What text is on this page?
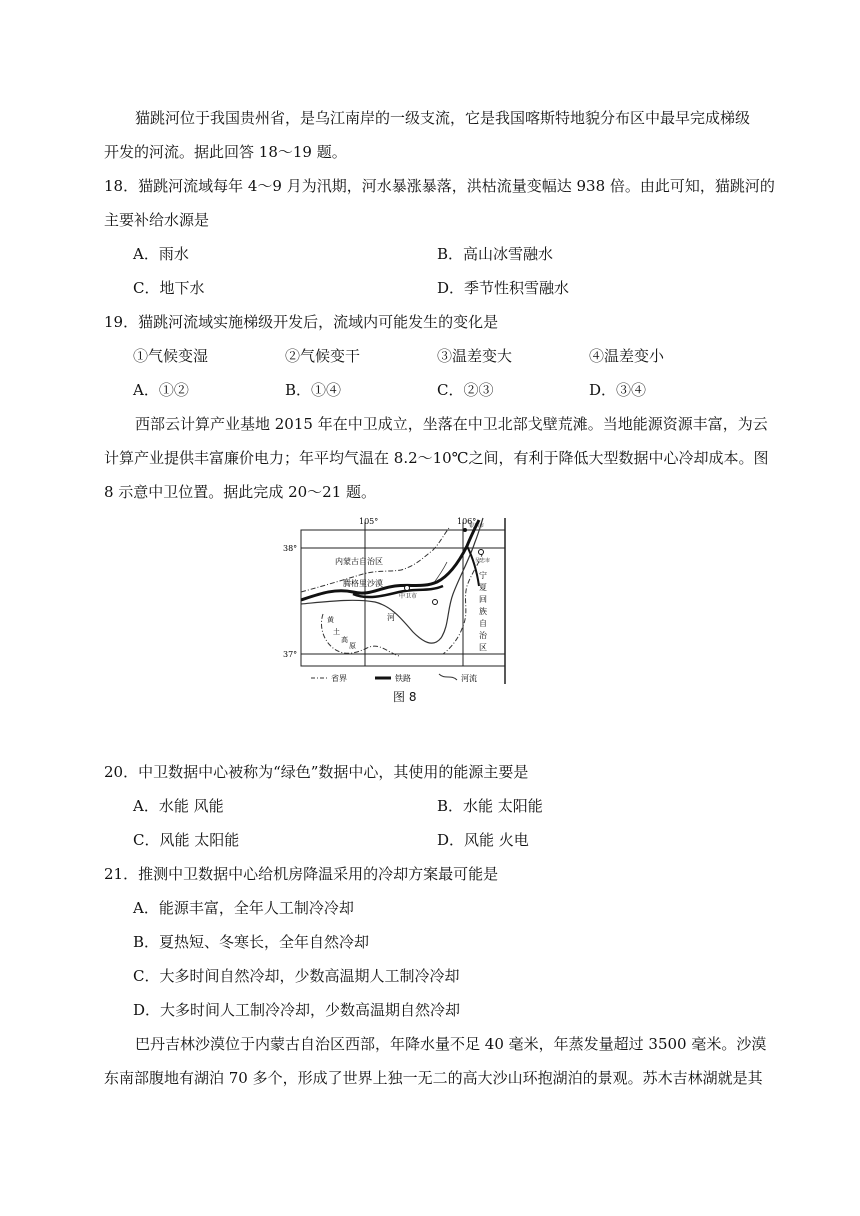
猫跳河位于我国贵州省，是乌江南岸的一级支流，它是我国喀斯特地貌分布区中最早完成梯级
开发的河流。据此回答 18～19 题。
18．猫跳河流域每年 4～9 月为汛期，河水暴涨暴落，洪枯流量变幅达 938 倍。由此可知，猫跳河的
主要补给水源是
A．雨水	B．高山冰雪融水
C．地下水	D．季节性积雪融水
19．猫跳河流域实施梯级开发后，流域内可能发生的变化是
①气候变湿	②气候变干	③温差变大	④温差变小
A．①②	B．①④	C．②③	D．③④
西部云计算产业基地 2015 年在中卫成立，坐落在中卫北部戈壁荒滩。当地能源资源丰富，为云
计算产业提供丰富廉价电力；年平均气温在 8.2～10℃之间，有利于降低大型数据中心冷却成本。图
8 示意中卫位置。据此完成 20～21 题。
105°	106°
38°
37°
内蒙古自治区
腾格里沙漠
中卫市
河
银川市
吴忠市
宁
夏
回
族
自
治
区
黄
土
高
原
省界	铁路	河流
图 8
20．中卫数据中心被称为“绿色”数据中心，其使用的能源主要是
A．水能 风能	B．水能 太阳能
C．风能 太阳能	D．风能 火电
21．推测中卫数据中心给机房降温采用的冷却方案最可能是
A．能源丰富，全年人工制冷冷却
B．夏热短、冬寒长，全年自然冷却
C．大多时间自然冷却，少数高温期人工制冷冷却
D．大多时间人工制冷冷却，少数高温期自然冷却
巴丹吉林沙漠位于内蒙古自治区西部，年降水量不足 40 毫米，年蒸发量超过 3500 毫米。沙漠
东南部腹地有湖泊 70 多个，形成了世界上独一无二的高大沙山环抱湖泊的景观。苏木吉林湖就是其
